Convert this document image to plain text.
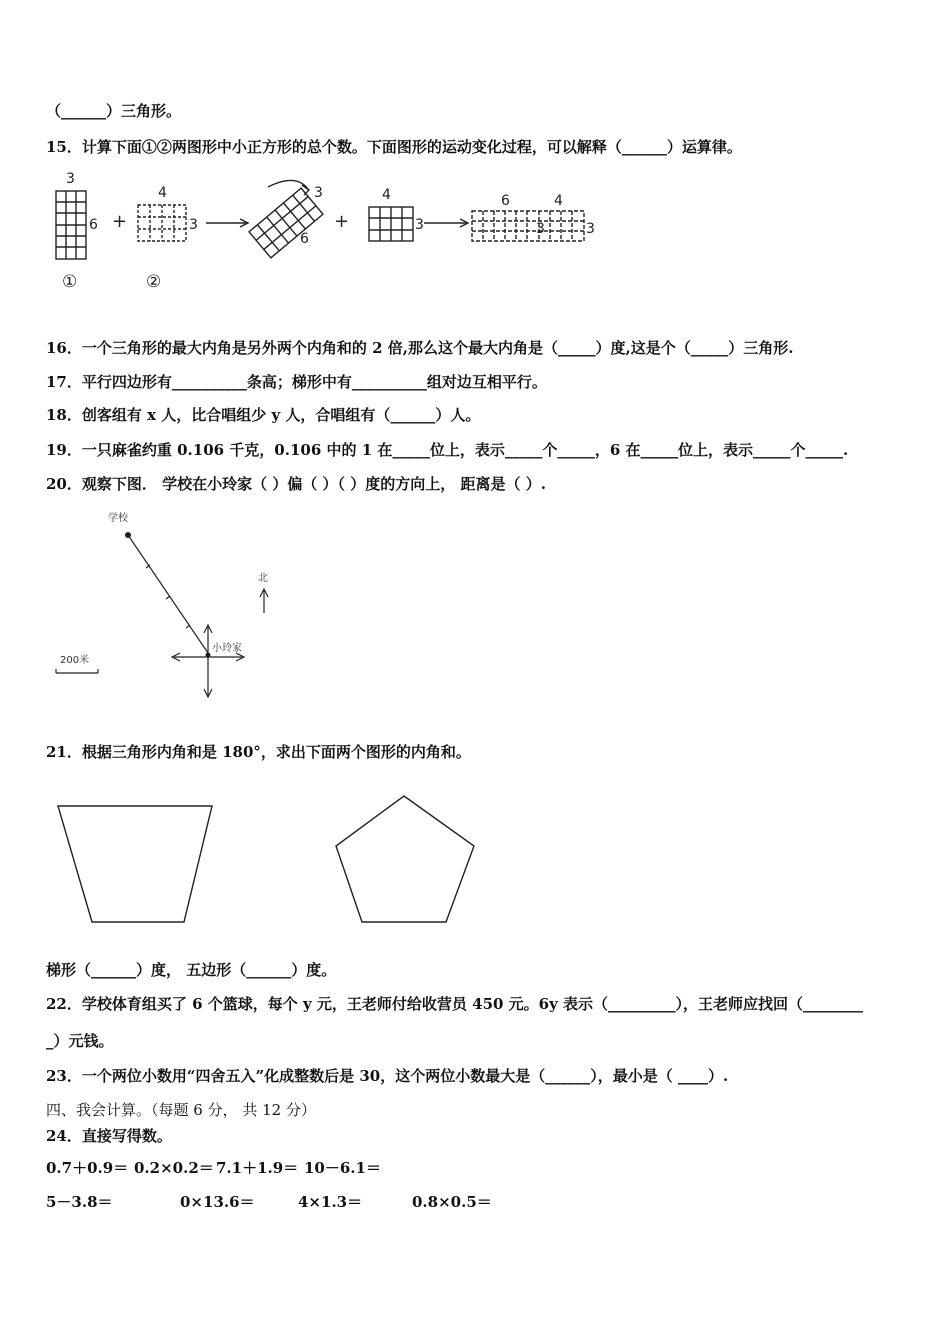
（______）三角形。
15．计算下面①②两图形中小正方形的总个数。下面图形的运动变化过程，可以解释（______）运算律。
3
6 +
4
3
3
6
+
4
3
6	4
3	3
①	②
16．一个三角形的最大内角是另外两个内角和的 2 倍,那么这个最大内角是（_____）度,这是个（_____）三角形.
17．平行四边形有__________条高；梯形中有__________组对边互相平行。
18．创客组有 x 人，比合唱组少 y 人，合唱组有（______）人。
19．一只麻雀约重 0.106 千克，0.106 中的 1 在_____位上，表示_____个_____，6 在_____位上，表示_____个_____.
20．观察下图． 学校在小玲家（ ）偏（ ）（ ）度的方向上， 距离是（ ）.
学校
北
小玲家
200米
21．根据三角形内角和是 180°，求出下面两个图形的内角和。
梯形（______）度， 五边形（______）度。
22．学校体育组买了 6 个篮球，每个 y 元，王老师付给收营员 450 元。6y 表示（_________），王老师应找回（________
_）元钱。
23．一个两位小数用“四舍五入”化成整数后是 30，这个两位小数最大是（______），最小是（ ____）.
四、我会计算。（每题 6 分， 共 12 分）
24．直接写得数。
0.7＋0.9＝ 0.2×0.2＝ 7.1＋1.9＝ 10－6.1＝
5－3.8＝	0×13.6＝	4×1.3＝	0.8×0.5＝
